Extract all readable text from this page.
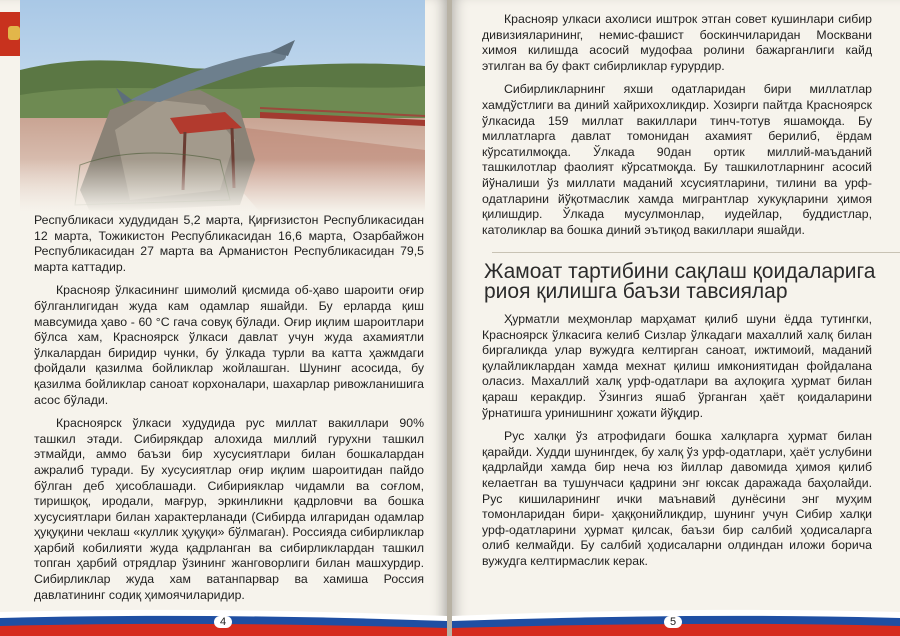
Республикаси худудидан 5,2 марта, Қирғизистон Республикасидан 12 марта, Тожикистон Республикасидан 16,6 марта, Озарбайжон Республикасидан 27 марта ва Арманистон Республикасидан 79,5 марта каттадир.

Краснояр ўлкасининг шимолий қисмида об-ҳаво шароити оғир бўлганлигидан жуда кам одамлар яшайди. Бу ерларда қиш мавсумида ҳаво - 60 °С гача совуқ бўлади. Оғир иқлим шароитлари бўлса хам, Красноярск ўлкаси давлат учун жуда ахамиятли ўлкалардан биридир чунки, бу ўлкада турли ва катта ҳажмдаги фойдали қазилма бойликлар жойлашган. Шунинг асосида, бу қазилма бойликлар саноат корхоналари, шахарлар ривожланишига асос бўлади.

Красноярск ўлкаси худудида рус миллат вакиллари 90% ташкил этади. Сибирякдар алохида миллий гурухни ташкил этмайди, аммо баъзи бир хусусиятлари билан бошкалардан ажралиб туради. Бу хусусиятлар оғир иқлим шароитидан пайдо бўлган деб ҳисоблашади. Сибирияклар чидамли ва соғлом, тиришқоқ, иродали, мағрур, эркинликни қадрловчи ва бошка хусусиятлари билан характерланади (Сибирда илгаридан одамлар ҳуқуқини чеклаш «куллик ҳуқуқи» бўлмаган). Россияда сибирликлар ҳарбий кобилияти жуда қадрланган ва сибирликлардан ташкил топган ҳарбий отрядлар ўзининг жанговорлиги билан машхурдир. Сибирликлар жуда хам ватанпарвар ва хамиша Россия давлатининг содиқ ҳимоячиларидир.

4

Краснояр улкаси ахолиси иштрок этган совет кушинлари сибир дивизияларининг, немис-фашист боскинчиларидан Москвани химоя килишда асосий мудофаа ролини бажарганлиги кайд этилган ва бу факт сибирликлар ғурурдир.

Сибирликларнинг яхши одатларидан бири миллатлар хамдўстлиги ва диний хайрихохликдир. Хозирги пайтда Красноярск ўлкасида 159 миллат вакиллари тинч-тотув яшамоқда. Бу миллатларга давлат томонидан ахамият берилиб, ёрдам кўрсатилмоқда. Ўлкада 90дан ортик миллий-маъданий ташкилотлар фаолият кўрсатмоқда. Бу ташкилотларнинг асосий йўналиши ўз миллати маданий хсусиятларини, тилини ва урф-одатларини йўқотмаслик хамда мигрантлар хукуқларини ҳимоя қилишдир. Ўлкада мусулмонлар, иудейлар, буддистлар, католиклар ва бошка диний эътиқод вакиллари яшайди.

Жамоат тартибини сақлаш қоидаларига риоя қилишга баъзи тавсиялар

Ҳурматли меҳмонлар марҳамат қилиб шуни ёдда тутингки, Красноярск ўлкасига келиб Сизлар ўлкадаги махаллий халқ билан биргаликда улар вужудга келтирган саноат, ижтимоий, маданий қулайликлардан хамда мехнат қилиш имкониятидан фойдалана оласиз. Махаллий халқ урф-одатлари ва аҳлоқига ҳурмат билан қараш керакдир. Ўзингиз яшаб ўрганган ҳаёт қоидаларини ўрнатишга уринишнинг ҳожати йўқдир.

Рус халқи ўз атрофидаги бошка халқларга ҳурмат билан қарайди. Худди шунингдек, бу халқ ўз урф-одатлари, ҳаёт услубини қадрлайди хамда бир неча юз йиллар давомида ҳимоя қилиб келаетган ва тушунчаси қадрини энг юксак даражада баҳолайди. Рус кишиларининг ички маънавий дунёсини энг муҳим томонларидан бири- ҳаққонийликдир, шунинг учун Сибир халқи урф-одатларини ҳурмат қилсак, баъзи бир салбий ҳодисаларга олиб келмайди. Бу салбий ҳодисаларни олдиндан иложи борича вужудга келтирмаслик керак.

5
